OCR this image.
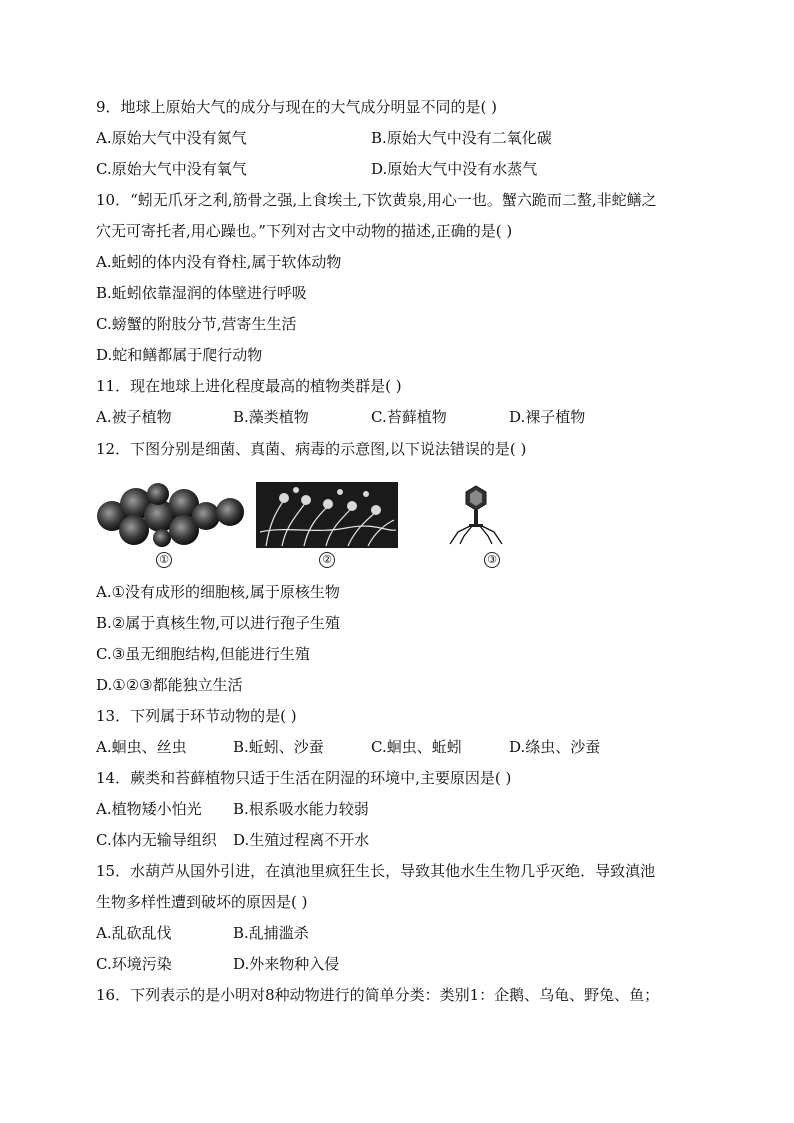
9．地球上原始大气的成分与现在的大气成分明显不同的是( )
A.原始大气中没有氮气	B.原始大气中没有二氧化碳
C.原始大气中没有氧气	D.原始大气中没有水蒸气
10．“蚓无爪牙之利,筋骨之强,上食埃土,下饮黄泉,用心一也。蟹六跪而二螯,非蛇鳝之
穴无可寄托者,用心躁也。”下列对古文中动物的描述,正确的是( )
A.蚯蚓的体内没有脊柱,属于软体动物
B.蚯蚓依靠湿润的体壁进行呼吸
C.螃蟹的附肢分节,营寄生生活
D.蛇和鳝都属于爬行动物
11．现在地球上进化程度最高的植物类群是( )
A.被子植物	B.藻类植物	C.苔藓植物	D.裸子植物
12．下图分别是细菌、真菌、病毒的示意图,以下说法错误的是( )
①	②	③
A.①没有成形的细胞核,属于原核生物
B.②属于真核生物,可以进行孢子生殖
C.③虽无细胞结构,但能进行生殖
D.①②③都能独立生活
13．下列属于环节动物的是( )
A.蛔虫、丝虫	B.蚯蚓、沙蚕	C.蛔虫、蚯蚓	D.绦虫、沙蚕
14．蕨类和苔藓植物只适于生活在阴湿的环境中,主要原因是( )
A.植物矮小怕光 B.根系吸水能力较弱
C.体内无输导组织 D.生殖过程离不开水
15．水葫芦从国外引进，在滇池里疯狂生长，导致其他水生生物几乎灭绝．导致滇池
生物多样性遭到破坏的原因是( )
A.乱砍乱伐	B.乱捕滥杀
C.环境污染	D.外来物种入侵
16．下列表示的是小明对8种动物进行的简单分类：类别1：企鹅、乌龟、野兔、鱼；
